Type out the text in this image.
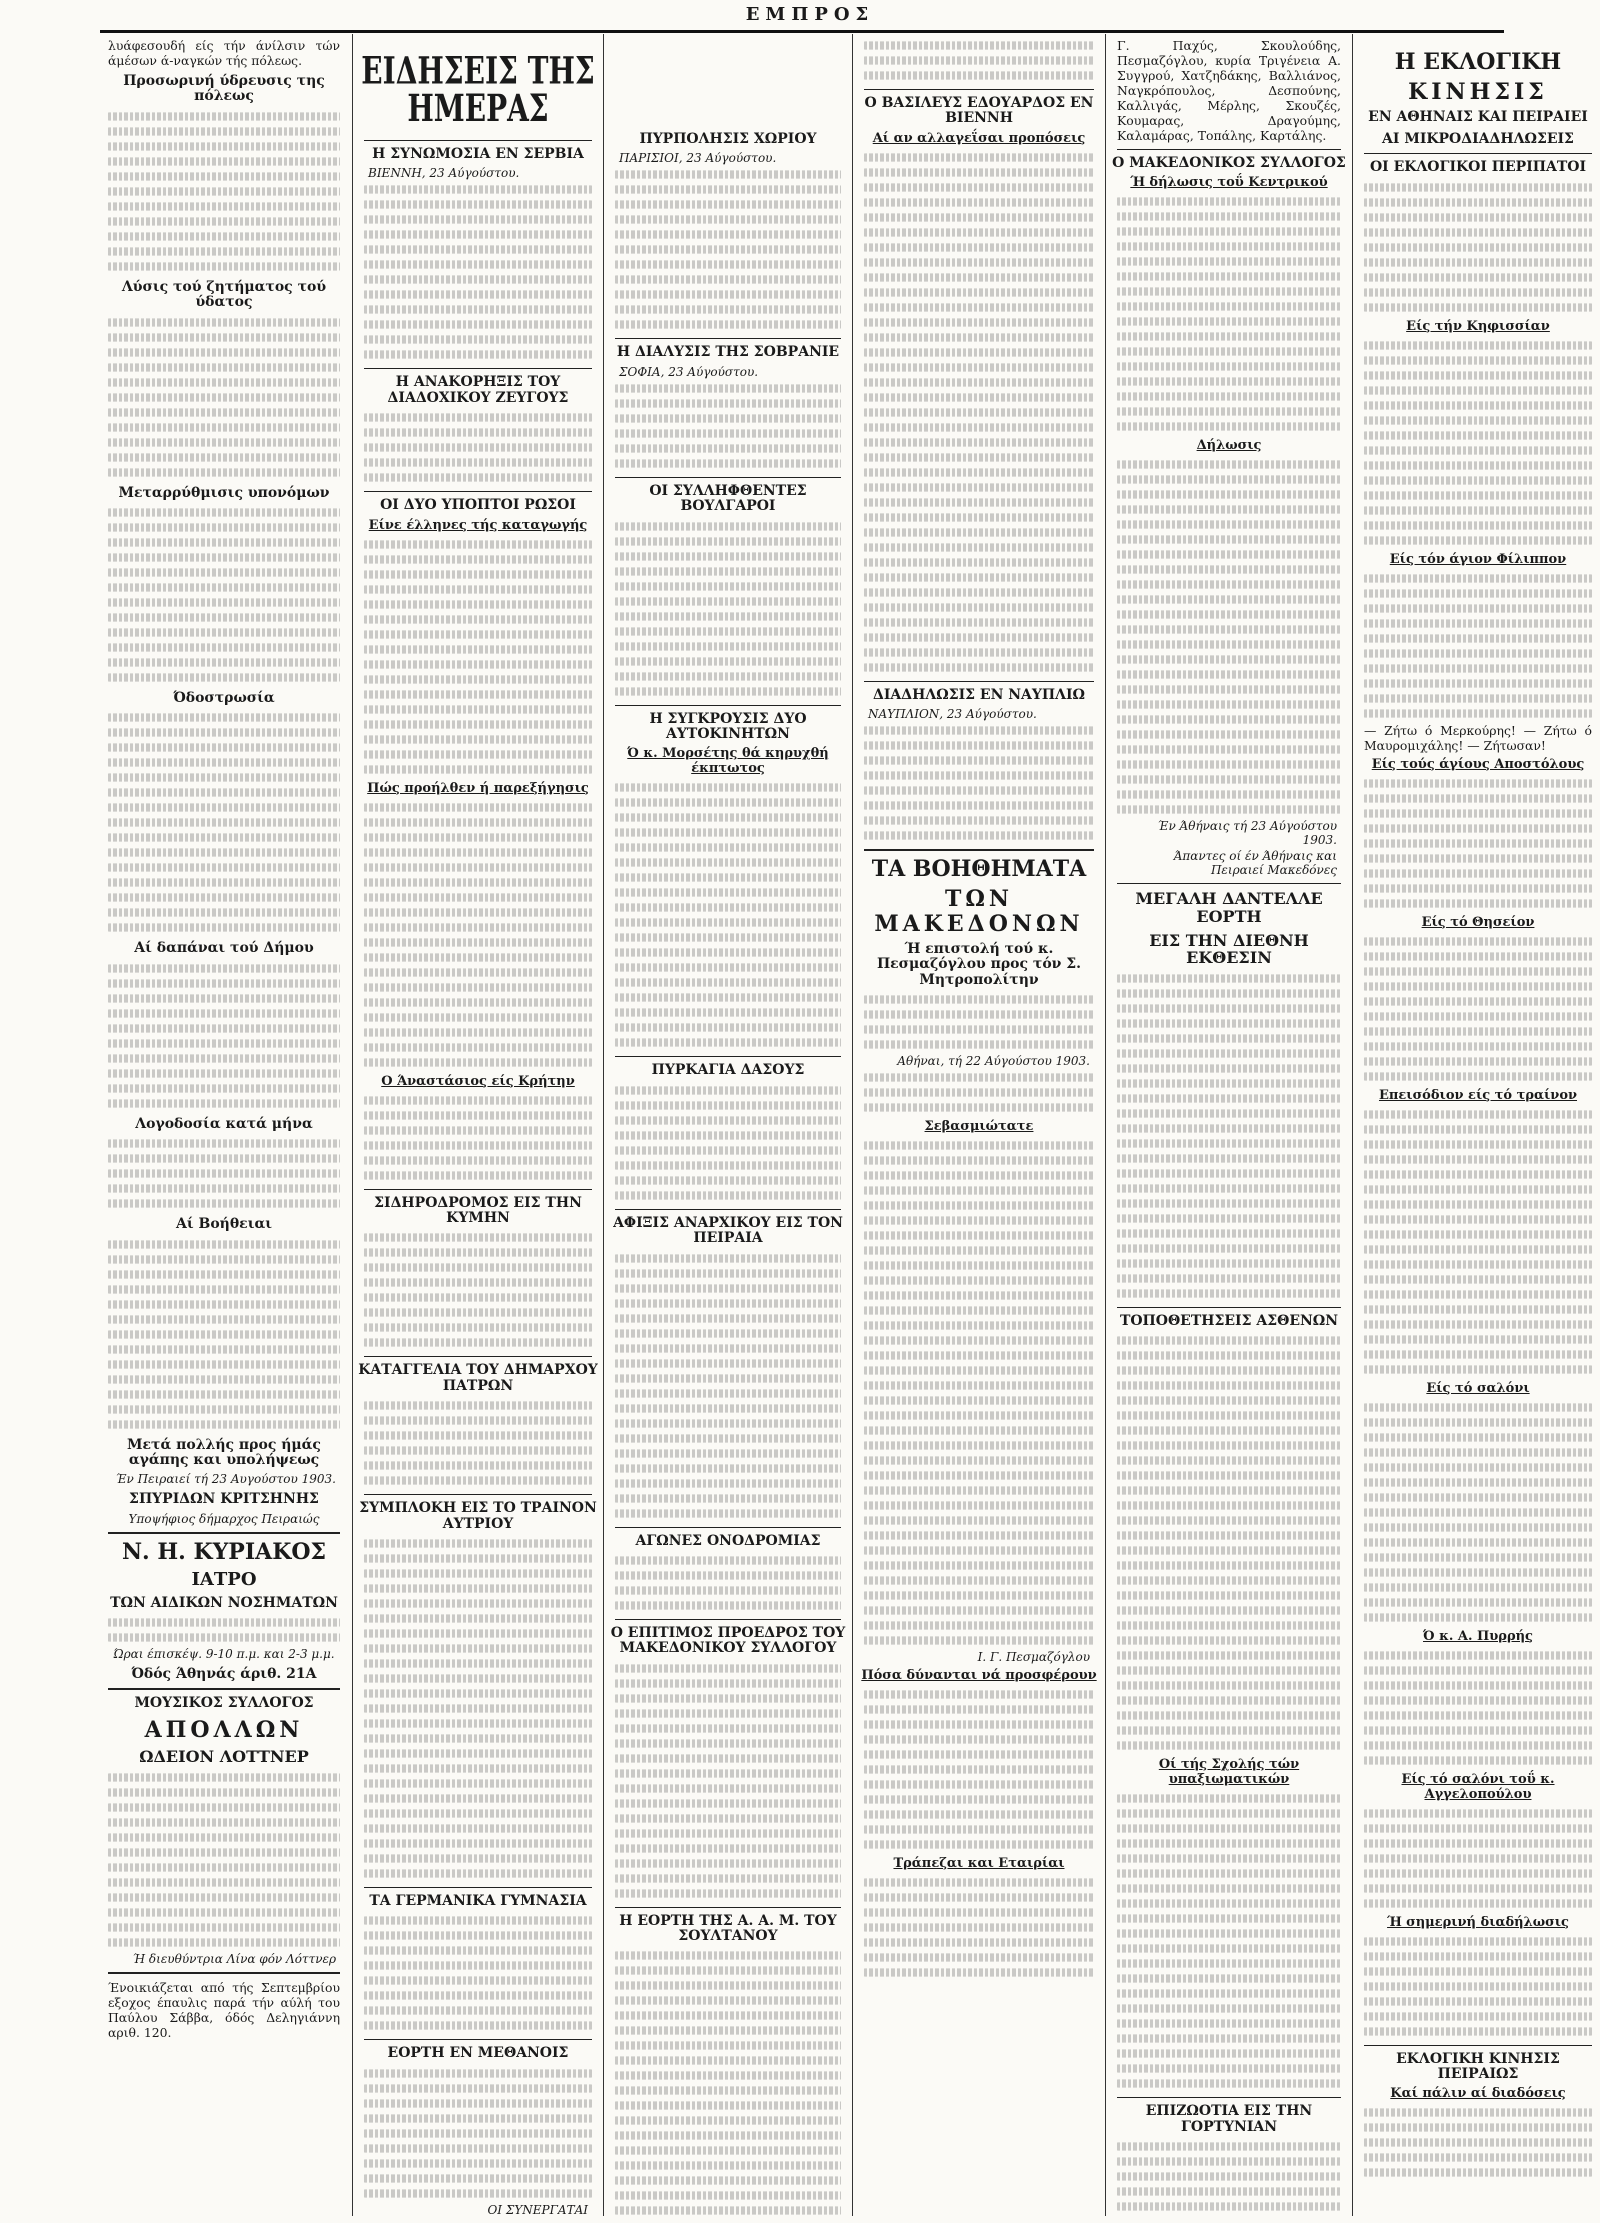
ΕΜΠΡΟΣ

λυάφεσουδή είς τήν άνίλσιν τών άμέσων ά-ναγκών τής πόλεως.

Προσωρινή ύδρευσις της πόλεως
Λύσις τού ζητήματος τού ύδατος
Μεταρρύθμισις υπονόμων
Όδοστρωσία
Αί δαπάναι τού Δήμου
Λογοδοσία κατά μήνα
Αί Βοήθειαι
Μετά πολλής προς ήμάς αγάπης και υπολήψεως
Έν Πειραιεί τή 23 Αυγούστου 1903.
ΣΠΥΡΙΔΩΝ ΚΡΙΤΣΗΝΗΣ
Υποψήφιος δήμαρχος Πειραιώς
Ν. Η. ΚΥΡΙΑΚΟΣ
ΙΑΤΡΟ
ΤΩΝ ΑΙΔΙΚΩΝ ΝΟΣΗΜΑΤΩΝ
Ώραι έπισκέψ. 9-10 π.μ. και 2-3 μ.μ.
Όδός Άθηνάς άριθ. 21Α
ΜΟΥΣΙΚΟΣ ΣΥΛΛΟΓΟΣ
ΑΠΟΛΛΩΝ
ΩΔΕΙΟΝ ΛΟΤΤΝΕΡ
Ή διευθύντρια Λίνα φόν Λόττνερ

Ένοικιάζεται από τής Σεπτεμβρίου εξοχος έπαυλις παρά τήν αύλή του Παύλου Σάββα, όδός Δεληγιάννη αριθ. 120.

ΕΙΔΗΣΕΙΣ ΤΗΣ ΗΜΕΡΑΣ
Η ΣΥΝΩΜΟΣΙΑ ΕΝ ΣΕΡΒΙΑ
ΒΙΕΝΝΗ, 23 Αύγούστου.
Η ΑΝΑΚΟΡΗΞΙΣ ΤΟΥ ΔΙΑΔΟΧΙΚΟΥ ΖΕΥΓΟΥΣ
ΟΙ ΔΥΟ ΥΠΟΠΤΟΙ ΡΩΣΟΙ
Είνε έλληνες τής καταγωγής
Πώς προήλθεν ή παρεξήγησις
Ο Άναστάσιος είς Κρήτην
ΣΙΔΗΡΟΔΡΟΜΟΣ ΕΙΣ ΤΗΝ ΚΥΜΗΝ
ΚΑΤΑΓΓΕΛΙΑ ΤΟΥ ΔΗΜΑΡΧΟΥ ΠΑΤΡΩΝ
ΣΥΜΠΛΟΚΗ ΕΙΣ ΤΟ ΤΡΑΙΝΟΝ ΑΥΤΡΙΟΥ
ΤΑ ΓΕΡΜΑΝΙΚΑ ΓΥΜΝΑΣΙΑ
ΕΟΡΤΗ ΕΝ ΜΕΘΑΝΟΙΣ
ΟΙ ΣΥΝΕΡΓΑΤΑΙ
ΠΥΡΠΟΛΗΣΙΣ ΧΩΡΙΟΥ
ΠΑΡΙΣΙΟΙ, 23 Αύγούστου.
Η ΔΙΑΛΥΣΙΣ ΤΗΣ ΣΟΒΡΑΝΙΕ
ΣΟΦΙΑ, 23 Αύγούστου.
ΟΙ ΣΥΛΛΗΦΘΕΝΤΕΣ ΒΟΥΛΓΑΡΟΙ
Η ΣΥΓΚΡΟΥΣΙΣ ΔΥΟ ΑΥΤΟΚΙΝΗΤΩΝ
Ό κ. Μορσέτης θά κηρυχθή έκπτωτος
ΠΥΡΚΑΓΙΑ ΔΑΣΟΥΣ
ΑΦΙΞΙΣ ΑΝΑΡΧΙΚΟΥ ΕΙΣ ΤΟΝ ΠΕΙΡΑΙΑ
ΑΓΩΝΕΣ ΟΝΟΔΡΟΜΙΑΣ
Ο ΕΠΙΤΙΜΟΣ ΠΡΟΕΔΡΟΣ ΤΟΥ ΜΑΚΕΔΟΝΙΚΟΥ ΣΥΛΛΟΓΟΥ
Η ΕΟΡΤΗ ΤΗΣ Α. Α. Μ. ΤΟΥ ΣΟΥΛΤΑΝΟΥ
Ο ΒΑΣΙΛΕΥΣ ΕΔΟΥΑΡΔΟΣ ΕΝ ΒΙΕΝΝΗ
Αί αν αλλαγεΐσαι προπόσεις
ΔΙΑΔΗΛΩΣΙΣ ΕΝ ΝΑΥΠΛΙΩ
ΝΑΥΠΛΙΟΝ, 23 Αύγούστου.
ΤΑ ΒΟΗΘΗΜΑΤΑ
ΤΩΝ ΜΑΚΕΔΟΝΩΝ
Ή επιστολή τού κ. Πεσμαζόγλου προς τόν Σ. Μητροπολίτην
Αθήναι, τή 22 Αύγούστου 1903.
Σεβασμιώτατε
Ι. Γ. Πεσμαζόγλου
Πόσα δύνανται νά προσφέρουν
Τράπεζαι και Εταιρίαι

Γ. Παχύς, Σκουλούδης, Πεσμαζόγλου, κυρία Τριγένεια Α. Συγγρού, Χατζηδάκης, Βαλλιάνος, Ναγκρόπουλος, Δεσπούνης, Καλλιγάς, Μέρλης, Σκουζές, Κουμαρας, Δραγούμης, Καλαμάρας, Τοπάλης, Καρτάλης.

Ο ΜΑΚΕΔΟΝΙΚΟΣ ΣΥΛΛΟΓΟΣ
Ή δήλωσις τοΰ Κεντρικού
Δήλωσις
Έν Άθήναις τή 23 Αύγούστου 1903.
Άπαντες οί έν Άθήναις και Πειραιεί Μακεδόνες
ΜΕΓΑΛΗ ΔΑΝΤΕΛΛΕ ΕΟΡΤΗ
ΕΙΣ ΤΗΝ ΔΙΕΘΝΗ ΕΚΘΕΣΙΝ
ΤΟΠΟΘΕΤΗΣΕΙΣ ΑΣΘΕΝΩΝ
Οί τής Σχολής τών υπαξιωματικών
ΕΠΙΖΩΟΤΙΑ ΕΙΣ ΤΗΝ ΓΟΡΤΥΝΙΑΝ
Η ΕΚΛΟΓΙΚΗ
ΚΙΝΗΣΙΣ
ΕΝ ΑΘΗΝΑΙΣ ΚΑΙ ΠΕΙΡΑΙΕΙ
ΑΙ ΜΙΚΡΟΔΙΑΔΗΛΩΣΕΙΣ
ΟΙ ΕΚΛΟΓΙΚΟΙ ΠΕΡΙΠΑΤΟΙ
Είς τήν Κηφισσίαν
Είς τόν άγιον Φίλιππον

— Ζήτω ό Μερκούρης! — Ζήτω ό Μαυρομιχάλης! — Ζήτωσαν!

Είς τούς άγίους Αποστόλους
Είς τό Θησείον
Επεισόδιον είς τό τραίνον
Είς τό σαλόνι
Ό κ. Α. Πυρρής
Είς τό σαλόνι τοΰ κ. Αγγελοπούλου
Ή σημερινή διαδήλωσις
ΕΚΛΟΓΙΚΗ ΚΙΝΗΣΙΣ ΠΕΙΡΑΙΩΣ
Καί πάλιν αί διαδόσεις
